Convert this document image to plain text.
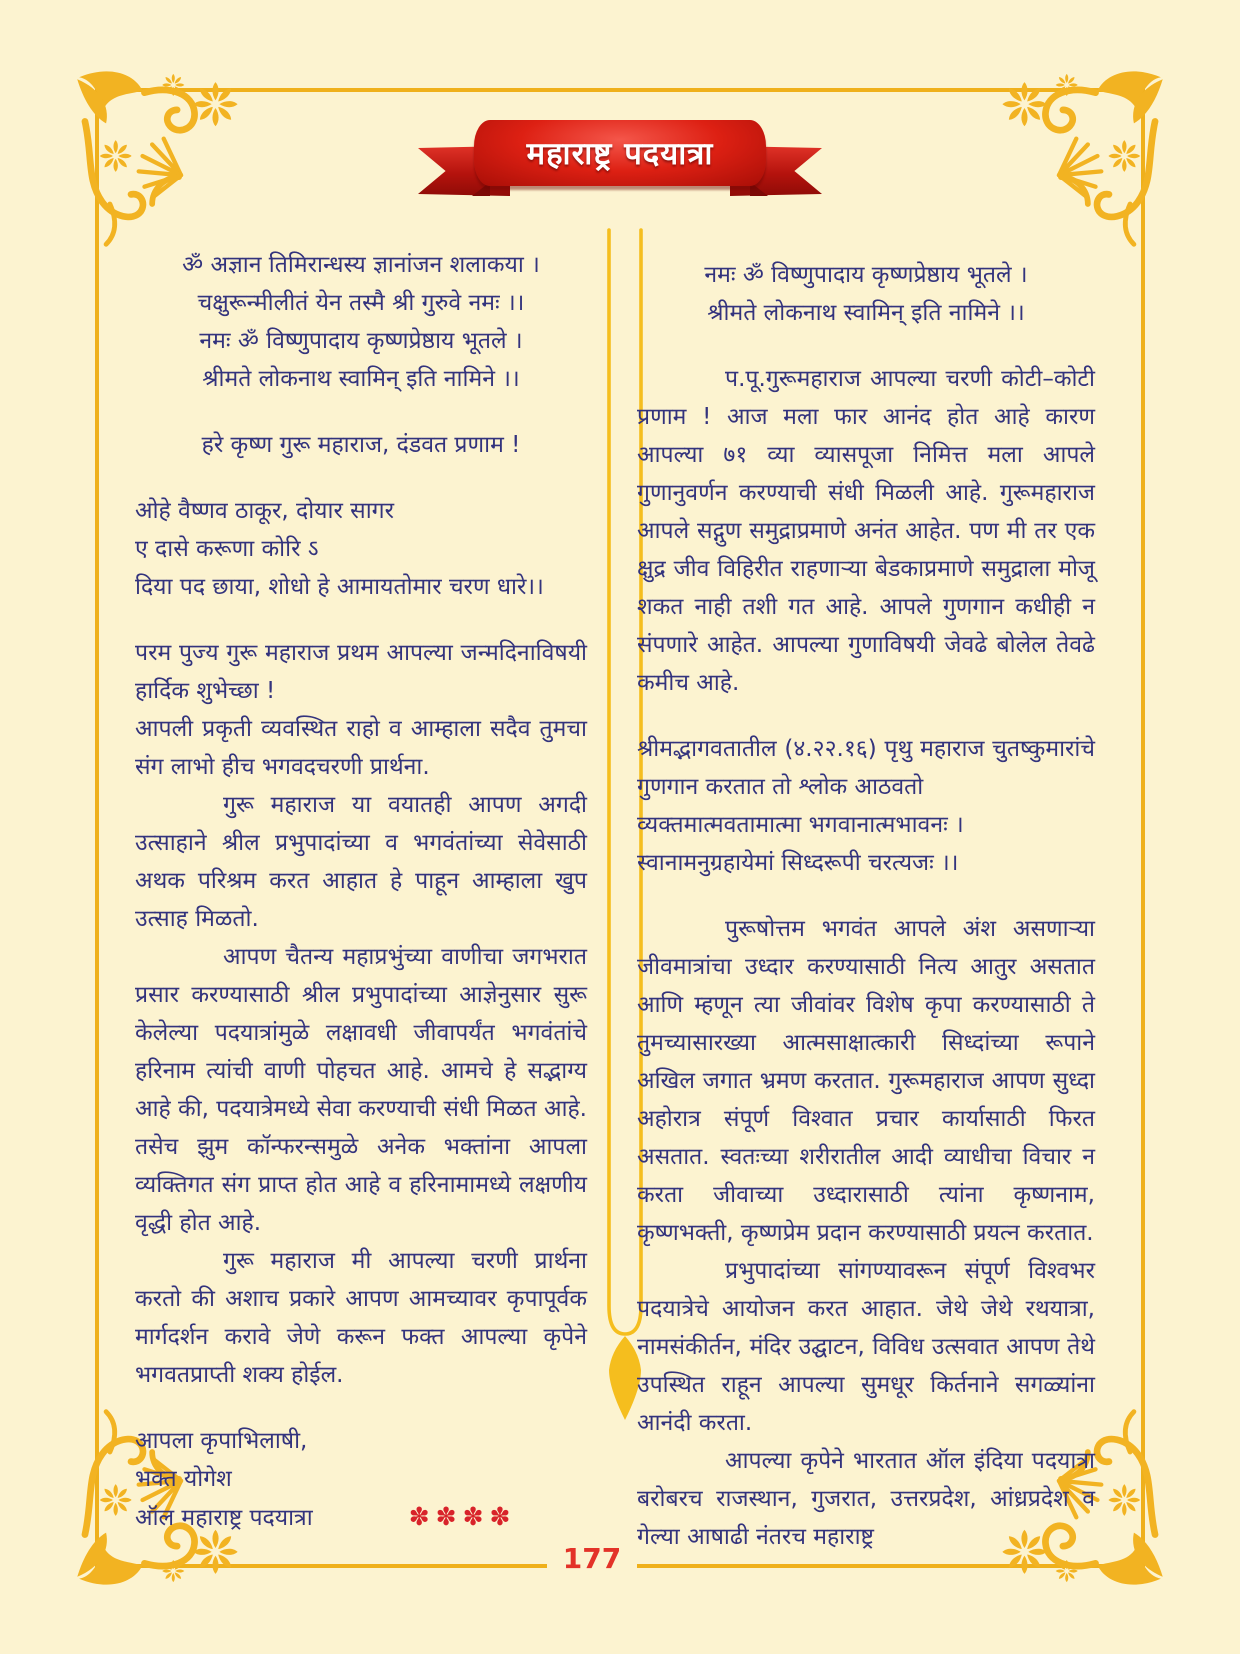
महाराष्ट्र पदयात्रा

ॐ अज्ञान तिमिरान्धस्य ज्ञानांजन शलाकया ।

चक्षुरून्मीलीतं येन तस्मै श्री गुरुवे नमः ।।

नमः ॐ विष्णुपादाय कृष्णप्रेष्ठाय भूतले ।

श्रीमते लोकनाथ स्वामिन् इति नामिने ।।

हरे कृष्ण गुरू महाराज, दंडवत प्रणाम !

ओहे वैष्णव ठाकूर, दोयार सागर

ए दासे करूणा कोरि ऽ

दिया पद छाया, शोधो हे आमायतोमार चरण धारे।।

परम पुज्य गुरू महाराज प्रथम आपल्या जन्मदिनाविषयी हार्दिक शुभेच्छा !

आपली प्रकृती व्यवस्थित राहो व आम्हाला सदैव तुमचा संग लाभो हीच भगवदचरणी प्रार्थना.

गुरू महाराज या वयातही आपण अगदी उत्साहाने श्रील प्रभुपादांच्या व भगवंतांच्या सेवेसाठी अथक परिश्रम करत आहात हे पाहून आम्हाला खुप उत्साह मिळतो.

आपण चैतन्य महाप्रभुंच्या वाणीचा जगभरात प्रसार करण्यासाठी श्रील प्रभुपादांच्या आज्ञेनुसार सुरू केलेल्या पदयात्रांमुळे लक्षावधी जीवापर्यंत भगवंतांचे हरिनाम त्यांची वाणी पोहचत आहे. आमचे हे सद्भाग्य आहे की, पदयात्रेमध्ये सेवा करण्याची संधी मिळत आहे. तसेच झुम कॉन्फरन्समुळे अनेक भक्तांना आपला व्यक्तिगत संग प्राप्त होत आहे व हरिनामामध्ये लक्षणीय वृद्धी होत आहे.

गुरू महाराज मी आपल्या चरणी प्रार्थना करतो की अशाच प्रकारे आपण आमच्यावर कृपापूर्वक मार्गदर्शन करावे जेणे करून फक्त आपल्या कृपेने भगवतप्राप्ती शक्य होईल.

आपला कृपाभिलाषी,

भक्त योगेश

ऑल महाराष्ट्र पदयात्रा	✽✽✽✽

नमः ॐ विष्णुपादाय कृष्णप्रेष्ठाय भूतले ।

श्रीमते लोकनाथ स्वामिन् इति नामिने ।।

प.पू.गुरूमहाराज आपल्या चरणी कोटी–कोटी प्रणाम ! आज मला फार आनंद होत आहे कारण आपल्या ७१ व्या व्यासपूजा निमित्त मला आपले गुणानुवर्णन करण्याची संधी मिळली आहे. गुरूमहाराज आपले सद्गुण समुद्राप्रमाणे अनंत आहेत. पण मी तर एक क्षुद्र जीव विहिरीत राहणाऱ्या बेडकाप्रमाणे समुद्राला मोजू शकत नाही तशी गत आहे. आपले गुणगान कधीही न संपणारे आहेत. आपल्या गुणाविषयी जेवढे बोलेल तेवढे कमीच आहे.

श्रीमद्भागवतातील (४.२२.१६) पृथु महाराज चुतष्कुमारांचे गुणगान करतात तो श्लोक आठवतो

व्यक्तमात्मवतामात्मा भगवानात्मभावनः ।

स्वानामनुग्रहायेमां सिध्दरूपी चरत्यजः ।।

पुरूषोत्तम भगवंत आपले अंश असणाऱ्या जीवमात्रांचा उध्दार करण्यासाठी नित्य आतुर असतात आणि म्हणून त्या जीवांवर विशेष कृपा करण्यासाठी ते तुमच्यासारख्या आत्मसाक्षात्कारी सिध्दांच्या रूपाने अखिल जगात भ्रमण करतात. गुरूमहाराज आपण सुध्दा अहोरात्र संपूर्ण विश्वात प्रचार कार्यासाठी फिरत असतात. स्वतःच्या शरीरातील आदी व्याधीचा विचार न करता जीवाच्या उध्दारासाठी त्यांना कृष्णनाम, कृष्णभक्ती, कृष्णप्रेम प्रदान करण्यासाठी प्रयत्न करतात.

प्रभुपादांच्या सांगण्यावरून संपूर्ण विश्वभर पदयात्रेचे आयोजन करत आहात. जेथे जेथे रथयात्रा, नामसंकीर्तन, मंदिर उद्घाटन, विविध उत्सवात आपण तेथे उपस्थित राहून आपल्या सुमधूर किर्तनाने सगळ्यांना आनंदी करता.

आपल्या कृपेने भारतात ऑल इंदिया पदयात्रा बरोबरच राजस्थान, गुजरात, उत्तरप्रदेश, आंध्रप्रदेश व गेल्या आषाढी नंतरच महाराष्ट्र

177
